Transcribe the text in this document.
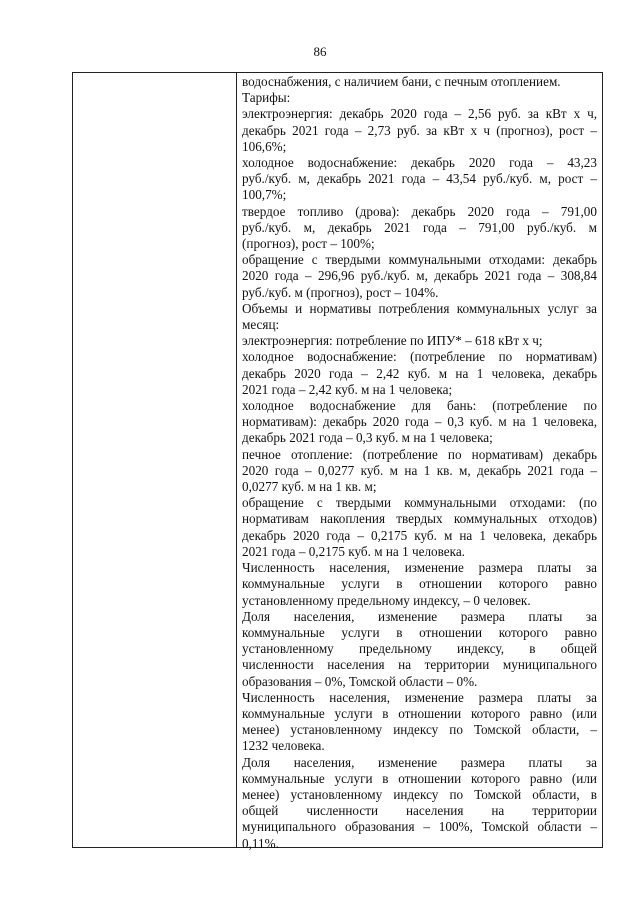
86

водоснабжения, с наличием бани, с печным отоплением.

Тарифы:

электроэнергия: декабрь 2020 года – 2,56 руб. за кВт х ч,

декабрь 2021 года – 2,73 руб. за кВт х ч (прогноз), рост –

106,6%;

холодное водоснабжение: декабрь 2020 года – 43,23

руб./куб. м, декабрь 2021 года – 43,54 руб./куб. м, рост –

100,7%;

твердое топливо (дрова): декабрь 2020 года – 791,00

руб./куб. м, декабрь 2021 года – 791,00 руб./куб. м

(прогноз), рост – 100%;

обращение с твердыми коммунальными отходами: декабрь

2020 года – 296,96 руб./куб. м, декабрь 2021 года – 308,84

руб./куб. м (прогноз), рост – 104%.

Объемы и нормативы потребления коммунальных услуг за

месяц:

электроэнергия: потребление по ИПУ* – 618 кВт х ч;

холодное водоснабжение: (потребление по нормативам)

декабрь 2020 года – 2,42 куб. м на 1 человека, декабрь

2021 года – 2,42 куб. м на 1 человека;

холодное водоснабжение для бань: (потребление по

нормативам): декабрь 2020 года – 0,3 куб. м на 1 человека,

декабрь 2021 года – 0,3 куб. м на 1 человека;

печное отопление: (потребление по нормативам) декабрь

2020 года – 0,0277 куб. м на 1 кв. м, декабрь 2021 года –

0,0277 куб. м на 1 кв. м;

обращение с твердыми коммунальными отходами: (по

нормативам накопления твердых коммунальных отходов)

декабрь 2020 года – 0,2175 куб. м на 1 человека, декабрь

2021 года – 0,2175 куб. м на 1 человека.

Численность населения, изменение размера платы за

коммунальные услуги в отношении которого равно

установленному предельному индексу, – 0 человек.

Доля населения, изменение размера платы за

коммунальные услуги в отношении которого равно

установленному предельному индексу, в общей

численности населения на территории муниципального

образования – 0%, Томской области – 0%.

Численность населения, изменение размера платы за

коммунальные услуги в отношении которого равно (или

менее) установленному индексу по Томской области, –

1232 человека.

Доля населения, изменение размера платы за

коммунальные услуги в отношении которого равно (или

менее) установленному индексу по Томской области, в

общей численности населения на территории

муниципального образования – 100%, Томской области –

0,11%.
